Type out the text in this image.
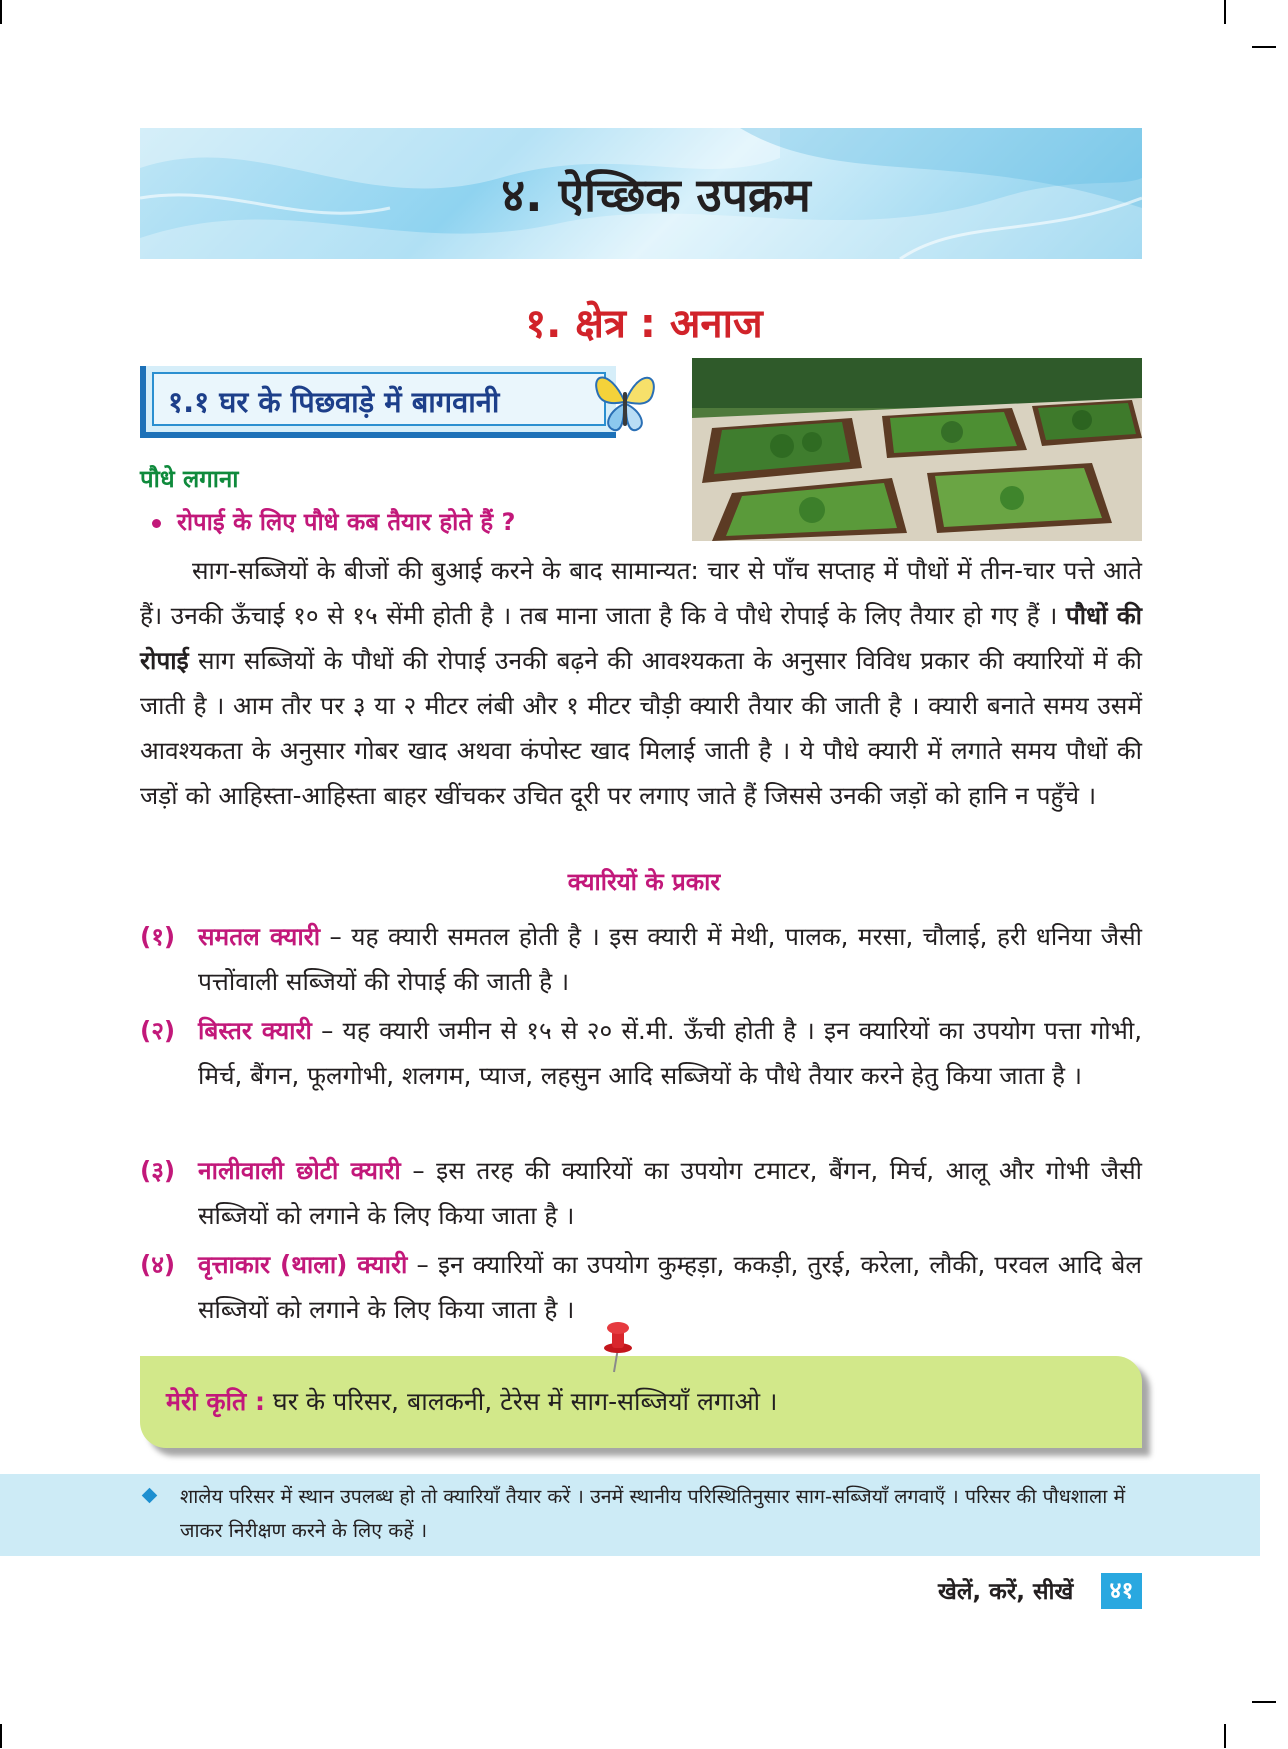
४. ऐच्छिक उपक्रम
१. क्षेत्र : अनाज
१.१ घर के पिछवाड़े में बागवानी
पौधे लगाना
रोपाई के लिए पौधे कब तैयार होते हैं ?
साग-सब्जियों के बीजों की बुआई करने के बाद सामान्यत: चार से पाँच सप्ताह में पौधों में तीन-चार पत्ते आते हैं। उनकी ऊँचाई १० से १५ सेंमी होती है । तब माना जाता है कि वे पौधे रोपाई के लिए तैयार हो गए हैं । पौधों की रोपाई साग सब्जियों के पौधों की रोपाई उनकी बढ़ने की आवश्यकता के अनुसार विविध प्रकार की क्यारियों में की जाती है । आम तौर पर ३ या २ मीटर लंबी और १ मीटर चौड़ी क्यारी तैयार की जाती है । क्यारी बनाते समय उसमें आवश्यकता के अनुसार गोबर खाद अथवा कंपोस्ट खाद मिलाई जाती है । ये पौधे क्यारी में लगाते समय पौधों की जड़ों को आहिस्ता-आहिस्ता बाहर खींचकर उचित दूरी पर लगाए जाते हैं जिससे उनकी जड़ों को हानि न पहुँचे ।
क्यारियों के प्रकार
(१) समतल क्यारी – यह क्यारी समतल होती है । इस क्यारी में मेथी, पालक, मरसा, चौलाई, हरी धनिया जैसी पत्तोंवाली सब्जियों की रोपाई की जाती है ।
(२) बिस्तर क्यारी – यह क्यारी जमीन से १५ से २० सें.मी. ऊँची होती है । इन क्यारियों का उपयोग पत्ता गोभी, मिर्च, बैंगन, फूलगोभी, शलगम, प्याज, लहसुन आदि सब्जियों के पौधे तैयार करने हेतु किया जाता है ।
(३) नालीवाली छोटी क्यारी – इस तरह की क्यारियों का उपयोग टमाटर, बैंगन, मिर्च, आलू और गोभी जैसी सब्जियों को लगाने के लिए किया जाता है ।
(४) वृत्ताकार (थाला) क्यारी – इन क्यारियों का उपयोग कुम्हड़ा, ककड़ी, तुरई, करेला, लौकी, परवल आदि बेल सब्जियों को लगाने के लिए किया जाता है ।
मेरी कृति : घर के परिसर, बालकनी, टेरेस में साग-सब्जियाँ लगाओ ।
शालेय परिसर में स्थान उपलब्ध हो तो क्यारियाँ तैयार करें । उनमें स्थानीय परिस्थितिनुसार साग-सब्जियाँ लगवाएँ । परिसर की पौधशाला में जाकर निरीक्षण करने के लिए कहें ।
खेलें, करें, सीखें	४१
